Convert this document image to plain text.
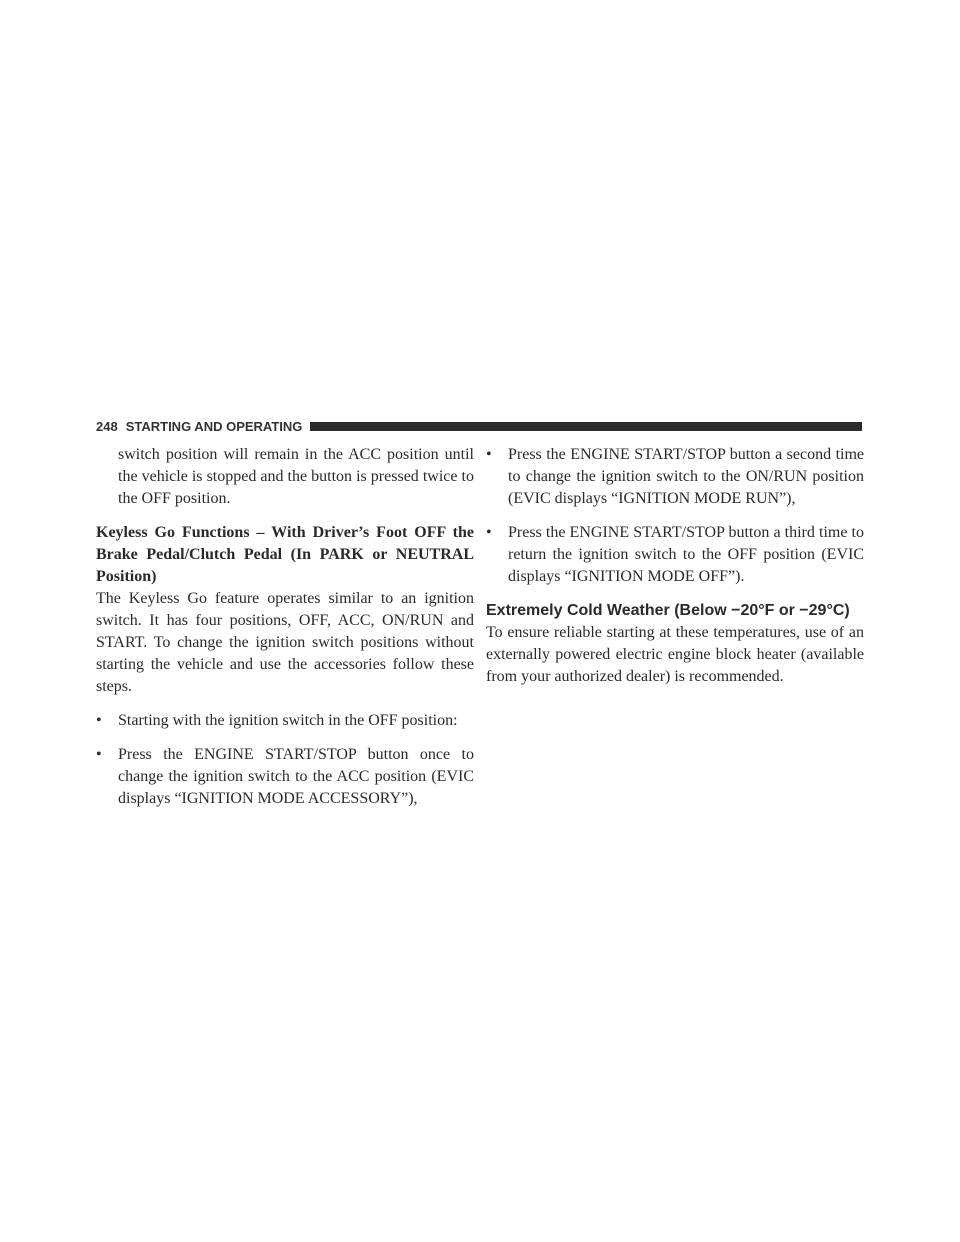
248 STARTING AND OPERATING

switch position will remain in the ACC position until the vehicle is stopped and the button is pressed twice to the OFF position.

Keyless Go Functions – With Driver’s Foot OFF the Brake Pedal/Clutch Pedal (In PARK or NEUTRAL Position)

The Keyless Go feature operates similar to an ignition switch. It has four positions, OFF, ACC, ON/RUN and START. To change the ignition switch positions without starting the vehicle and use the accessories follow these steps.

•	Starting with the ignition switch in the OFF position:
•	Press the ENGINE START/STOP button once to change the ignition switch to the ACC position (EVIC displays “IGNITION MODE ACCESSORY”),
•	Press the ENGINE START/STOP button a second time to change the ignition switch to the ON/RUN position (EVIC displays “IGNITION MODE RUN”),
•	Press the ENGINE START/STOP button a third time to return the ignition switch to the OFF position (EVIC displays “IGNITION MODE OFF”).

Extremely Cold Weather (Below −20°F or −29°C)

To ensure reliable starting at these temperatures, use of an externally powered electric engine block heater (available from your authorized dealer) is recommended.
